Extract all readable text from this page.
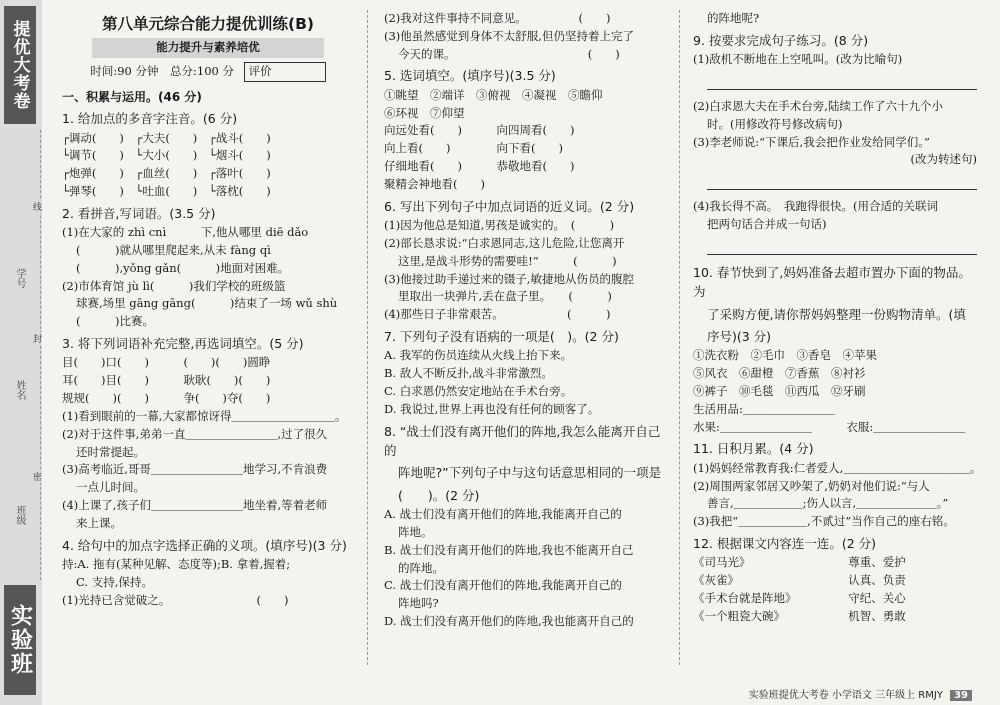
提优大考卷
线
封
密
学号
姓名
班级
实验班
第八单元综合能力提优训练(B)
能力提升与素养培优
时间:90 分钟　总分:100 分 评价
一、积累与运用。(46 分)
1. 给加点的多音字注音。(6 分)
┌调动(　　)　┌大夫(　　)　┌战斗(　　)
└调节(　　)　└大小(　　)　└烟斗(　　)
┌炮弹(　　)　┌血丝(　　)　┌落叶(　　)
└弹琴(　　)　└吐血(　　)　└落枕(　　)
2. 看拼音,写词语。(3.5 分)
(1)在大家的 zhì cnì　　　下,他从哪里 diē dǎo
(　　　)就从哪里爬起来,从未 fàng qì
(　　　),yǒng gǎn(　　　)地面对困难。
(2)市体育馆 jù lì(　　　)我们学校的班级篮
球赛,场里 gāng gāng(　　　)结束了一场 wǔ shù
(　　　)比赛。
3. 将下列词语补充完整,再选词填空。(5 分)
目(　　)口(　　)　　　(　　)(　　)圆睁
耳(　　)目(　　)　　　耿耿(　　)(　　)
规规(　　)(　　)　　　争(　　)夺(　　)
(1)看到眼前的一幕,大家都惊讶得＿＿＿＿＿＿＿＿＿。
(2)对于这件事,弟弟一直＿＿＿＿＿＿＿＿,过了很久
还时常提起。
(3)高考临近,哥哥＿＿＿＿＿＿＿＿地学习,不肯浪费
一点儿时间。
(4)上课了,孩子们＿＿＿＿＿＿＿＿地坐着,等着老师
来上课。
4. 给句中的加点字选择正确的义项。(填序号)(3 分)
持:A. 拖有(某种见解、态度等);B. 拿着,握着;
C. 支持,保持。
(1)光持已含觉破之。　　　　　　　　(　　)
(2)我对这件事持不同意见。　　　　　(　　)
(3)他虽然感觉到身体不太舒服,但仍坚持着上完了
今天的课。　　　　　　　　　　　　(　　)
5. 选词填空。(填序号)(3.5 分)
①眺望　②端详　③俯视　④凝视　⑤瞻仰
⑥环视　⑦仰望
向远处看(　　)　　　向四周看(　　)
向上看(　　)　　　　向下看(　　)
仔细地看(　　)　　　恭敬地看(　　)
聚精会神地看(　　)
6. 写出下列句子中加点词语的近义词。(2 分)
(1)因为他总是知道,男孩是诚实的。　(　　　)
(2)部长恳求说:“白求恩同志,这儿危险,让您离开
这里,是战斗形势的需要哇!”　　　(　　　)
(3)他接过助手递过来的镊子,敏捷地从伤员的腹腔
里取出一块弹片,丢在盘子里。　　(　　　)
(4)那些日子非常艰苦。　　　　　　(　　　)
7. 下列句子没有语病的一项是(　)。(2 分)
A. 我军的伤员连续从火线上抬下来。
B. 敌人不断反扑,战斗非常激烈。
C. 白求恩仍然安定地站在手术台旁。
D. 我说过,世界上再也没有任何的顾客了。
8. “战士们没有离开他们的阵地,我怎么能离开自己的
阵地呢?”下列句子中与这句话意思相同的一项是
(　　)。(2 分)
A. 战士们没有离开他们的阵地,我能离开自己的
阵地。
B. 战士们没有离开他们的阵地,我也不能离开自己
的阵地。
C. 战士们没有离开他们的阵地,我能离开自己的
阵地吗?
D. 战士们没有离开他们的阵地,我也能离开自己的
的阵地呢?
9. 按要求完成句子练习。(8 分)
(1)敌机不断地在上空吼叫。(改为比喻句)
(2)白求恩大夫在手术台旁,陆续工作了六十九个小
时。(用修改符号修改病句)
(3)李老师说:“下课后,我会把作业发给同学们。”
(改为转述句)
(4)我长得不高。　我跑得很快。(用合适的关联词
把两句话合并成一句话)
10. 春节快到了,妈妈准备去超市置办下面的物品。为
了采购方便,请你帮妈妈整理一份购物清单。(填
序号)(3 分)
①洗衣粉　②毛巾　③香皂　④苹果
⑤风衣　⑥甜橙　⑦香蕉　⑧衬衫
⑨裤子　⑩毛毯　⑪西瓜　⑫牙刷
生活用品:＿＿＿＿＿＿＿＿
水果:＿＿＿＿＿＿＿＿　　　衣服:＿＿＿＿＿＿＿＿
11. 日积月累。(4 分)
(1)妈妈经常教育我:仁者爱人,＿＿＿＿＿＿＿＿＿＿＿。
(2)周围两家邻居又吵架了,奶奶对他们说:“与人
善言,＿＿＿＿＿＿;伤人以言,＿＿＿＿＿＿＿。”
(3)我把“＿＿＿＿＿＿,不贰过”当作自己的座右铭。
12. 根据课文内容连一连。(2 分)
《司马光》　　　　　　　　　尊重、爱护
《灰雀》　　　　　　　　　　认真、负责
《手术台就是阵地》　　　　　守纪、关心
《一个粗瓷大碗》　　　　　　机智、勇敢
实验班提优大考卷 小学语文 三年级上 RMJY 39
